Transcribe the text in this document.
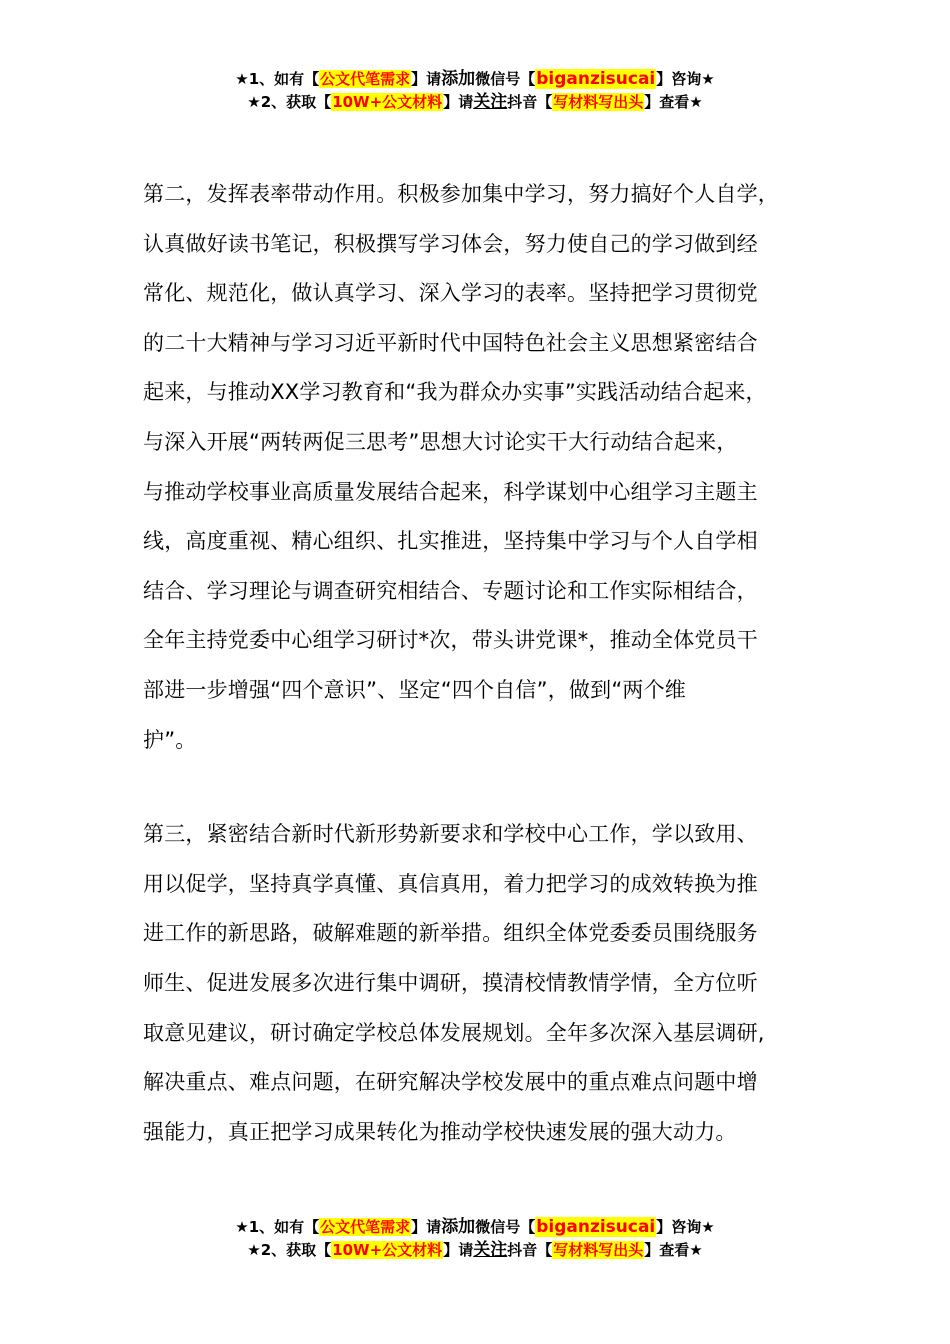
★1、如有【公文代笔需求】请添加微信号【biganzisucai】咨询★
★2、获取【10W+公文材料】请关注抖音【写材料写出头】查看★

第二，发挥表率带动作用。积极参加集中学习，努力搞好个人自学，

认真做好读书笔记，积极撰写学习体会，努力使自己的学习做到经

常化、规范化，做认真学习、深入学习的表率。坚持把学习贯彻党

的二十大精神与学习习近平新时代中国特色社会主义思想紧密结合

起来，与推动XX学习教育和“我为群众办实事”实践活动结合起来，

与深入开展“两转两促三思考”思想大讨论实干大行动结合起来，

与推动学校事业高质量发展结合起来，科学谋划中心组学习主题主

线，高度重视、精心组织、扎实推进，坚持集中学习与个人自学相

结合、学习理论与调查研究相结合、专题讨论和工作实际相结合，

全年主持党委中心组学习研讨*次，带头讲党课*，推动全体党员干

部进一步增强“四个意识”、坚定“四个自信”，做到“两个维

护”。

第三，紧密结合新时代新形势新要求和学校中心工作，学以致用、

用以促学，坚持真学真懂、真信真用，着力把学习的成效转换为推

进工作的新思路，破解难题的新举措。组织全体党委委员围绕服务

师生、促进发展多次进行集中调研，摸清校情教情学情，全方位听

取意见建议，研讨确定学校总体发展规划。全年多次深入基层调研,

解决重点、难点问题，在研究解决学校发展中的重点难点问题中增

强能力，真正把学习成果转化为推动学校快速发展的强大动力。

★1、如有【公文代笔需求】请添加微信号【biganzisucai】咨询★
★2、获取【10W+公文材料】请关注抖音【写材料写出头】查看★
